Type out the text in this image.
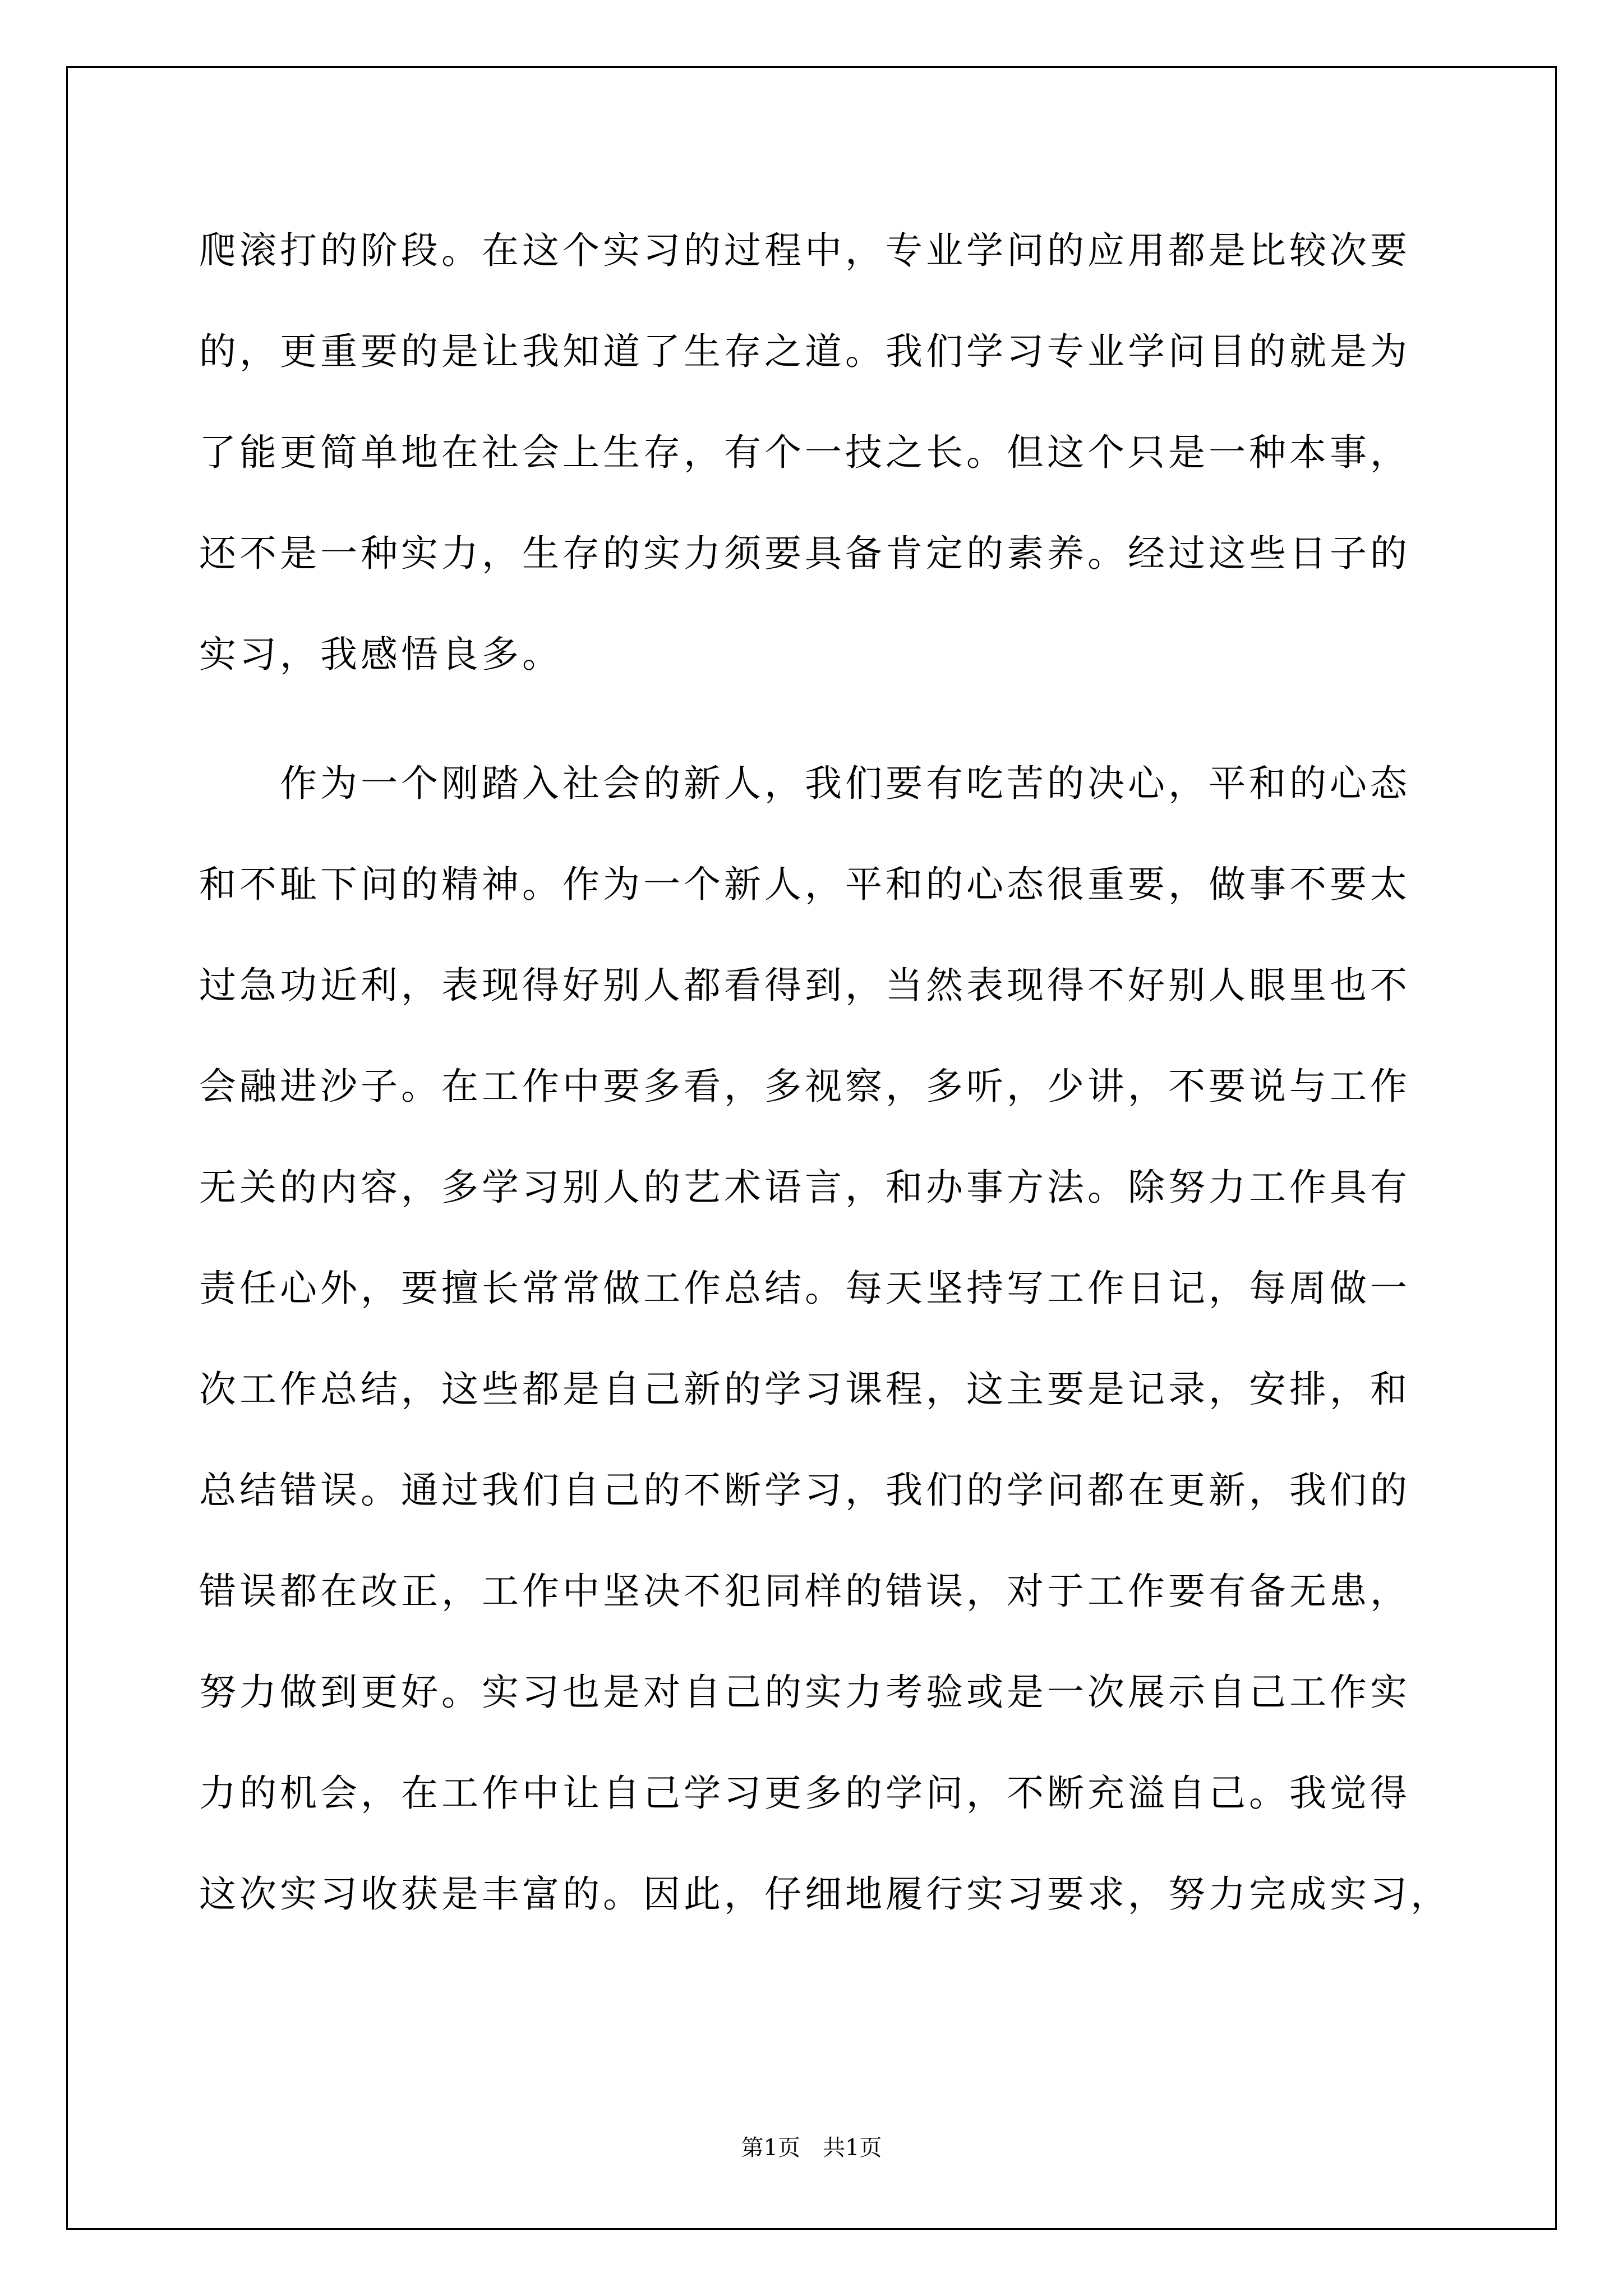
爬滚打的阶段。在这个实习的过程中，专业学问的应用都是比较次要
的，更重要的是让我知道了生存之道。我们学习专业学问目的就是为
了能更简单地在社会上生存，有个一技之长。但这个只是一种本事，
还不是一种实力，生存的实力须要具备肯定的素养。经过这些日子的
实习，我感悟良多。
　　作为一个刚踏入社会的新人，我们要有吃苦的决心，平和的心态
和不耻下问的精神。作为一个新人，平和的心态很重要，做事不要太
过急功近利，表现得好别人都看得到，当然表现得不好别人眼里也不
会融进沙子。在工作中要多看，多视察，多听，少讲，不要说与工作
无关的内容，多学习别人的艺术语言，和办事方法。除努力工作具有
责任心外，要擅长常常做工作总结。每天坚持写工作日记，每周做一
次工作总结，这些都是自己新的学习课程，这主要是记录，安排，和
总结错误。通过我们自己的不断学习，我们的学问都在更新，我们的
错误都在改正，工作中坚决不犯同样的错误，对于工作要有备无患，
努力做到更好。实习也是对自己的实力考验或是一次展示自己工作实
力的机会，在工作中让自己学习更多的学问，不断充溢自己。我觉得
这次实习收获是丰富的。因此，仔细地履行实习要求，努力完成实习，
第1页　共1页
